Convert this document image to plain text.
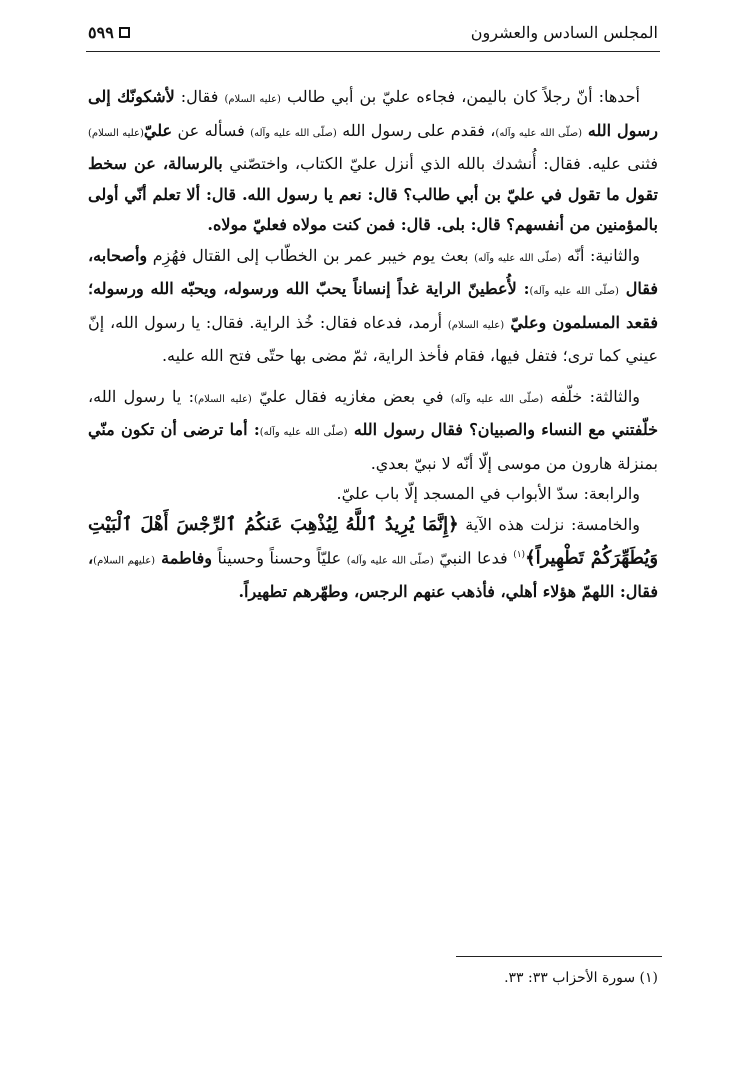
المجلس السادس والعشرون
٥٩٩

أحدها: أنّ رجلاً كان باليمن، فجاءه عليّ بن أبي طالب (عليه السلام) فقال: لأشكونّك إلى رسول الله (صلّى الله عليه وآله)، فقدم على رسول الله (صلّى الله عليه وآله) فسأله عن عليّ(عليه السلام) فثنى عليه. فقال: أُنشدك بالله الذي أنزل عليّ الكتاب، واختصّني بالرسالة، عن سخط تقول ما تقول في عليّ بن أبي طالب؟ قال: نعم يا رسول الله. قال: ألا تعلم أنّي أولى بالمؤمنين من أنفسهم؟ قال: بلى. قال: فمن كنت مولاه فعليّ مولاه.

والثانية: أنّه (صلّى الله عليه وآله) بعث يوم خيبر عمر بن الخطّاب إلى القتال فهُزِم وأصحابه، فقال (صلّى الله عليه وآله): لأُعطينّ الراية غداً إنساناً يحبّ الله ورسوله، ويحبّه الله ورسوله؛ فقعد المسلمون وعليّ (عليه السلام) أرمد، فدعاه فقال: خُذ الراية. فقال: يا رسول الله، إنّ عيني كما ترى؛ فتفل فيها، فقام فأخذ الراية، ثمّ مضى بها حتّى فتح الله عليه.

والثالثة: خلّفه (صلّى الله عليه وآله) في بعض مغازيه فقال عليّ (عليه السلام): يا رسول الله، خلّفتني مع النساء والصبيان؟ فقال رسول الله (صلّى الله عليه وآله): أما ترضى أن تكون منّي بمنزلة هارون من موسى إلّا أنّه لا نبيّ بعدي.

والرابعة: سدّ الأبواب في المسجد إلّا باب عليّ.

والخامسة: نزلت هذه الآية ﴿إِنَّمَا يُرِيدُ ٱللَّهُ لِيُذْهِبَ عَنكُمُ ٱلرِّجْسَ أَهْلَ ٱلْبَيْتِ وَيُطَهِّرَكُمْ تَطْهِيراً﴾$^{(١)}$ فدعا النبيّ (صلّى الله عليه وآله) عليّاً وحسناً وحسيناً وفاطمة (عليهم السلام)، فقال: اللهمّ هؤلاء أهلي، فأذهب عنهم الرجس، وطهّرهم تطهيراً.

(١) سورة الأحزاب ٣٣: ٣٣.
